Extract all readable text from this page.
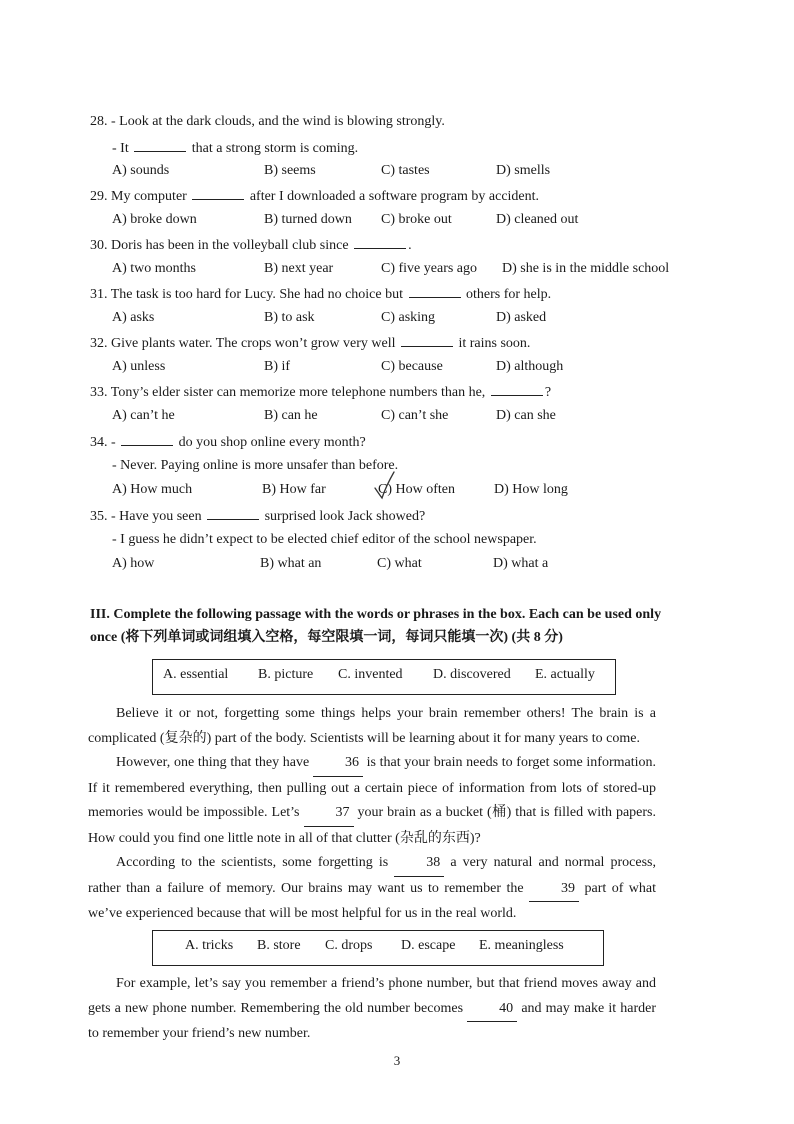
28. - Look at the dark clouds, and the wind is blowing strongly.
- It	that a strong storm is coming.
A) sounds	B) seems	C) tastes	D) smells
29. My computer	after I downloaded a software program by accident.
A) broke down	B) turned down C) broke out	D) cleaned out
30. Doris has been in the volleyball club since	.
A) two months	B) next year	C) five years ago D) she is in the middle school
31. The task is too hard for Lucy. She had no choice but	others for help.
A) asks	B) to ask	C) asking	D) asked
32. Give plants water. The crops won’t grow very well	it rains soon.
A) unless	B) if	C) because	D) although
33. Tony’s elder sister can memorize more telephone numbers than he,	?
A) can’t he	B) can he	C) can’t she	D) can she
34. -	do you shop online every month?
- Never. Paying online is more unsafer than before.
A) How much	B) How far	C) How often	D) How long
35. - Have you seen	surprised look Jack showed?
- I guess he didn’t expect to be elected chief editor of the school newspaper.
A) how	B) what an	C) what	D) what a
III. Complete the following passage with the words or phrases in the box. Each can be used only once (将下列单词或词组填入空格，每空限填一词，每词只能填一次) (共 8 分)
A. essential B. picture C. invented D. discovered E. actually

Believe it or not, forgetting some things helps your brain remember others! The brain is a complicated (复杂的) part of the body. Scientists will be learning about it for many years to come.

However, one thing that they have	36 is that your brain needs to forget some information. If it remembered everything, then pulling out a certain piece of information from lots of stored-up memories would be impossible. Let’s	37 your brain as a bucket (桶) that is filled with papers. How could you find one little note in all of that clutter (杂乱的东西)?

According to the scientists, some forgetting is	38 a very natural and normal process, rather than a failure of memory. Our brains may want us to remember the	39 part of what we’ve experienced because that will be most helpful for us in the real world.

A. tricks B. store C. drops D. escape E. meaningless

For example, let’s say you remember a friend’s phone number, but that friend moves away and gets a new phone number. Remembering the old number becomes	40 and may make it harder to remember your friend’s new number.

3
